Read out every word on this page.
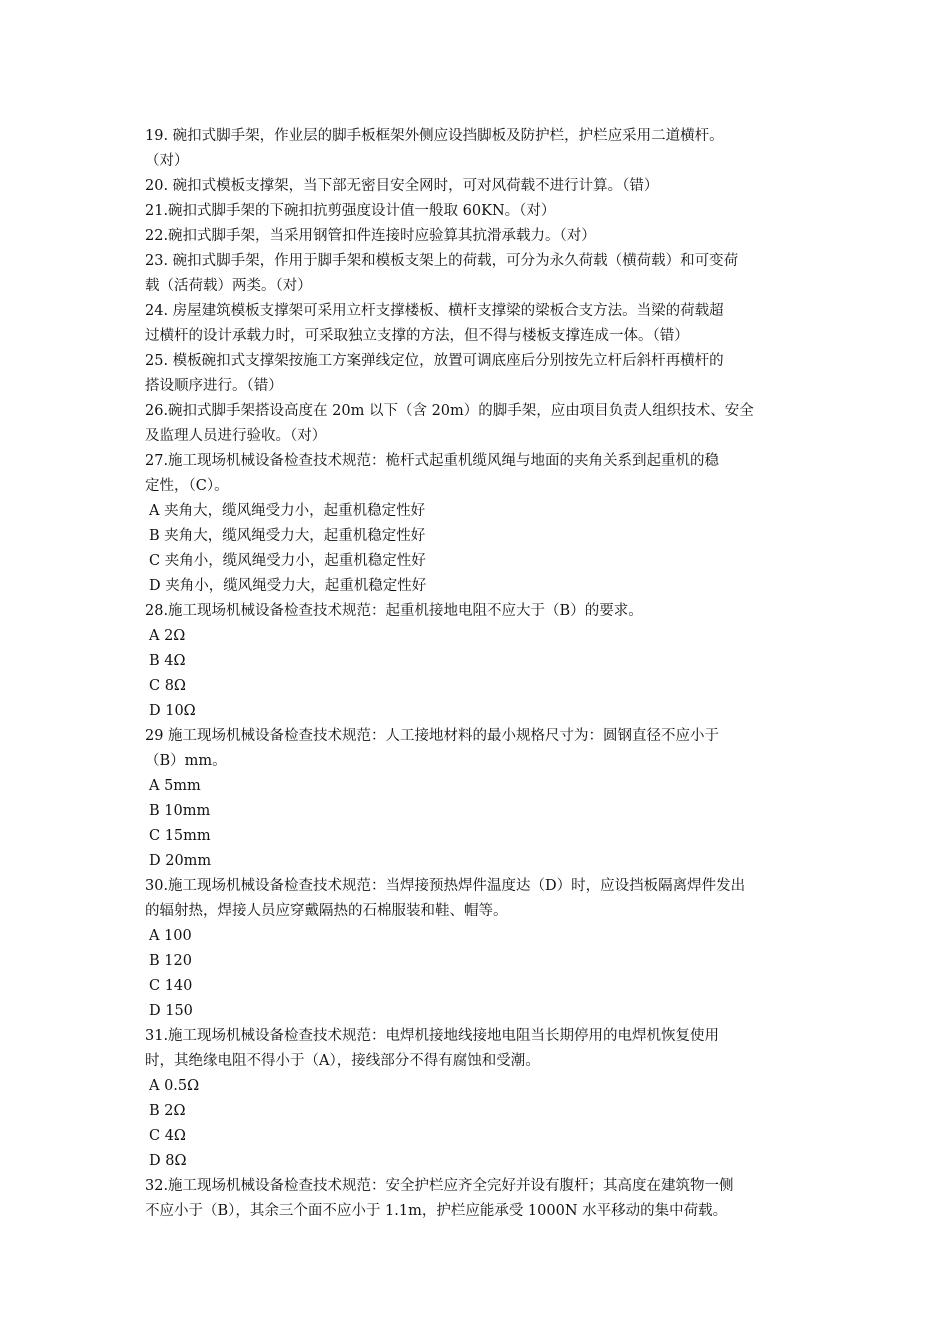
19. 碗扣式脚手架，作业层的脚手板框架外侧应设挡脚板及防护栏，护栏应采用二道横杆。
（对）
20. 碗扣式模板支撑架，当下部无密目安全网时，可对风荷载不进行计算。（错）
21.碗扣式脚手架的下碗扣抗剪强度设计值一般取 60KN。（对）
22.碗扣式脚手架，当采用钢管扣件连接时应验算其抗滑承载力。（对）
23. 碗扣式脚手架，作用于脚手架和模板支架上的荷载，可分为永久荷载（横荷载）和可变荷
载（活荷载）两类。（对）
24. 房屋建筑模板支撑架可采用立杆支撑楼板、横杆支撑梁的梁板合支方法。当梁的荷载超
过横杆的设计承载力时，可采取独立支撑的方法，但不得与楼板支撑连成一体。（错）
25. 模板碗扣式支撑架按施工方案弹线定位，放置可调底座后分别按先立杆后斜杆再横杆的
搭设顺序进行。（错）
26.碗扣式脚手架搭设高度在 20m 以下（含 20m）的脚手架，应由项目负责人组织技术、安全
及监理人员进行验收。（对）
27.施工现场机械设备检查技术规范：桅杆式起重机缆风绳与地面的夹角关系到起重机的稳
定性，（C）。
A 夹角大，缆风绳受力小，起重机稳定性好
B 夹角大，缆风绳受力大，起重机稳定性好
C 夹角小，缆风绳受力小，起重机稳定性好
D 夹角小，缆风绳受力大，起重机稳定性好
28.施工现场机械设备检查技术规范：起重机接地电阻不应大于（B）的要求。
A 2Ω
B 4Ω
C 8Ω
D 10Ω
29 施工现场机械设备检查技术规范：人工接地材料的最小规格尺寸为：圆钢直径不应小于
（B）mm。
A 5mm
B 10mm
C 15mm
D 20mm
30.施工现场机械设备检查技术规范：当焊接预热焊件温度达（D）时，应设挡板隔离焊件发出
的辐射热，焊接人员应穿戴隔热的石棉服装和鞋、帽等。
A 100
B 120
C 140
D 150
31.施工现场机械设备检查技术规范：电焊机接地线接地电阻当长期停用的电焊机恢复使用
时，其绝缘电阻不得小于（A），接线部分不得有腐蚀和受潮。
A 0.5Ω
B 2Ω
C 4Ω
D 8Ω
32.施工现场机械设备检查技术规范：安全护栏应齐全完好并设有腹杆；其高度在建筑物一侧
不应小于（B），其余三个面不应小于 1.1m，护栏应能承受 1000N 水平移动的集中荷载。
